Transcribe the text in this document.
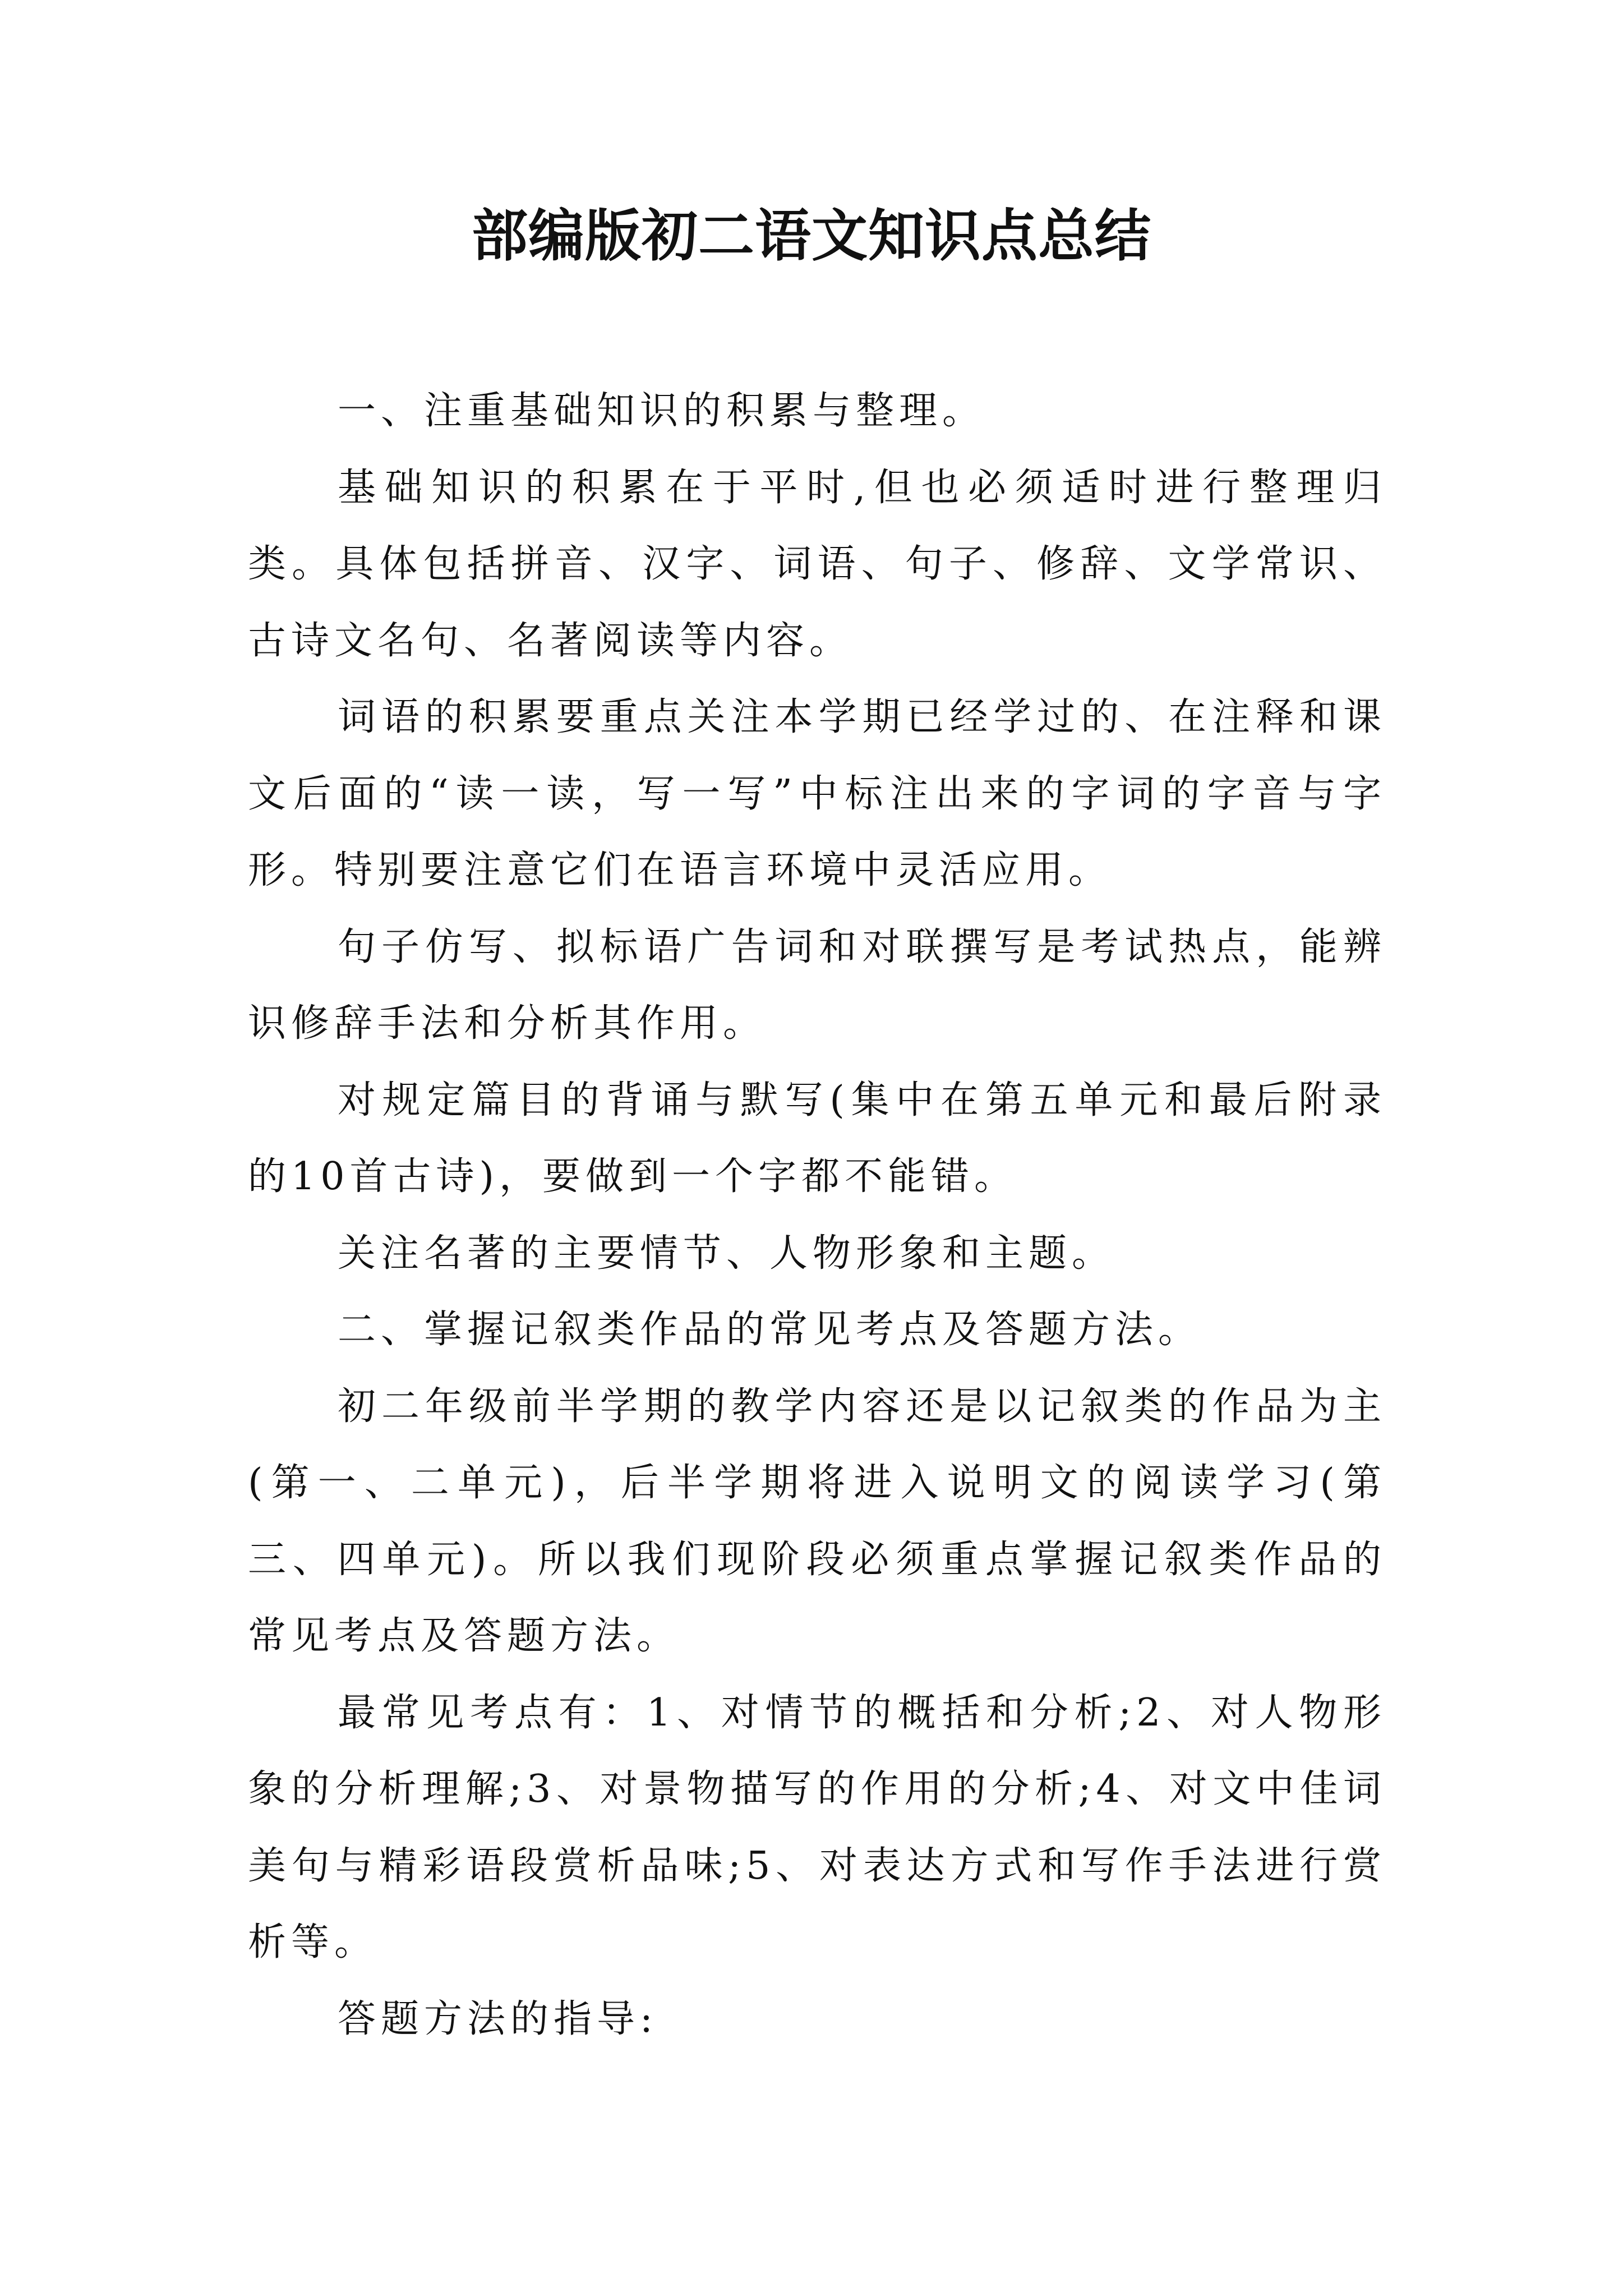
部编版初二语文知识点总结

一、注重基础知识的积累与整理。

基础知识的积累在于平时,但也必须适时进行整理归类。具体包括拼音、汉字、词语、句子、修辞、文学常识、古诗文名句、名著阅读等内容。

词语的积累要重点关注本学期已经学过的、在注释和课文后面的“读一读，写一写”中标注出来的字词的字音与字形。特别要注意它们在语言环境中灵活应用。

句子仿写、拟标语广告词和对联撰写是考试热点，能辨识修辞手法和分析其作用。

对规定篇目的背诵与默写(集中在第五单元和最后附录的10首古诗)，要做到一个字都不能错。

关注名著的主要情节、人物形象和主题。

二、掌握记叙类作品的常见考点及答题方法。

初二年级前半学期的教学内容还是以记叙类的作品为主(第一、二单元)，后半学期将进入说明文的阅读学习(第三、四单元)。所以我们现阶段必须重点掌握记叙类作品的常见考点及答题方法。

最常见考点有：1、对情节的概括和分析;2、对人物形象的分析理解;3、对景物描写的作用的分析;4、对文中佳词美句与精彩语段赏析品味;5、对表达方式和写作手法进行赏析等。

答题方法的指导:
